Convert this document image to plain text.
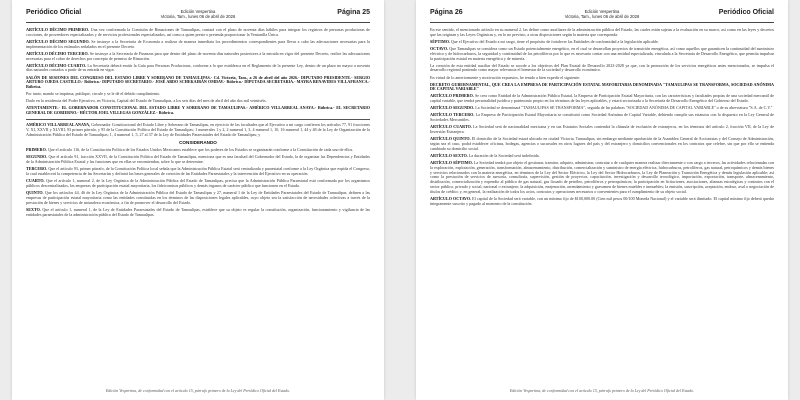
Periódico Oficial	Edición Vespertina
Victoria, Tam., lunes 06 de abril de 2026
Página 25
ARTÍCULO DÉCIMO PRIMERO. Una vez conformada la Comisión de Rimaciones de Tamaulipas, contará con el plazo de noventa días hábiles para integrar los registros de personas productoras de cocciones, de proveedores especializados y de servicios profesionales especializados, así como a quien preste o pretenda proporcionar la Ventanilla Única.
ARTÍCULO DÉCIMO SEGUNDO. Se instruye a la Secretaría de Economía a realizar de manera inmediata los procedimientos correspondientes para llevar a cabo las adecuaciones necesarias para la implementación de los estímulos señalados en el presente Decreto.
ARTÍCULO DÉCIMO TERCERO. Se instruye a la Secretaría de Finanzas para que dentro del plazo de noventa días naturales posteriores a la entrada en vigor del presente Decreto, realice las adecuaciones necesarias para el cobro de derechos por concepto de permiso de Rimación.
ARTÍCULO DÉCIMO CUARTO. La Secretaría deberá emitir la Guía para Personas Productoras, conforme a lo que establezca en el Reglamento de la presente Ley, dentro de un plazo no mayor a noventa días naturales contados a partir de su entrada en vigor.
SALÓN DE SESIONES DEL CONGRESO DEL ESTADO LIBRE Y SOBERANO DE TAMAULIPAS.- Cd. Victoria, Tam., a 26 de abril del año 2026.- DIPUTADO PRESIDENTE.- SERGIO ARTURO OJEDA CASTILLO.- Rúbrica.- DIPUTADO SECRETARIO.- JOSÉ ABDO SCHEKAIBÁN OMDAV.- Rúbrica.- DIPUTADA SECRETARIA.- MAYRA BENAVIDES VILLAFRANCA.- Rúbrica.
Por tanto, mando se imprima, publique, circule y se le dé el debido cumplimiento.
Dado en la residencia del Poder Ejecutivo, en Victoria, Capital del Estado de Tamaulipas, a los seis días del mes de abril del año dos mil veintiséis.
ATENTAMENTE.- EL GOBERNADOR CONSTITUCIONAL DEL ESTADO LIBRE Y SOBERANO DE TAMAULIPAS.- AMÉRICO VILLARREAL ANAYA.- Rúbrica.- EL SECRETARIO GENERAL DE GOBIERNO.- HÉCTOR JOEL VILLEGAS GONZÁLEZ.- Rúbrica.
AMÉRICO VILLARREAL ANAYA, Gobernador Constitucional del Estado Libre y Soberano de Tamaulipas, en ejercicio de las facultades que al Ejecutivo a mi cargo confieren los artículos 77, 91 fracciones V, XI, XXVII y XLVIII, 93 primer párrafo, y 95 de la Constitución Política del Estado de Tamaulipas; 1 numerales 1 y 2, 2 numeral 1, 3, 4 numeral 1, 10, 16 numeral 1, 44 y 48 de la Ley de Organización de la Administración Pública del Estado de Tamaulipas; 1, 4 numeral 1, 5, 27 al 37 de la Ley de Entidades Paraestatales del Estado de Tamaulipas; y
CONSIDERANDO
PRIMERO. Que el artículo 116, de la Constitución Política de los Estados Unidos Mexicanos establece que los poderes de los Estados se organizarán conforme a la Constitución de cada uno de ellos.
SEGUNDO. Que el artículo 91, fracción XXVII, de la Constitución Política del Estado de Tamaulipas, menciona que es una facultad del Gobernador del Estado, la de organizar las Dependencias y Entidades de la Administración Pública Estatal y las funciones que en ellas se encomiendan, sobre lo que se determine.
TERCERO. Que el artículo 93, primer párrafo, de la Constitución Política local señala que la Administración Pública Estatal será centralizada y paraestatal conforme a la Ley Orgánica que expida el Congreso, la cual establecerá la competencia de las Secretarías y definirá las bases generales de creación de las Entidades Paraestatales y la intervención del Ejecutivo en su operación.
CUARTO. Que el artículo 1, numeral 2, de la Ley Orgánica de la Administración Pública del Estado de Tamaulipas, precisa que la Administración Pública Paraestatal está conformada por los organismos públicos descentralizados, las empresas de participación estatal mayoritaria, los fideicomisos públicos y demás órganos de carácter público que funcionen en el Estado.
QUINTO. Que los artículos 44, 46 de la Ley Orgánica de la Administración Pública del Estado de Tamaulipas y 27, numeral 1 de la Ley de Entidades Paraestatales del Estado de Tamaulipas, definen a las empresas de participación estatal mayoritaria como las entidades constituidas en los términos de las disposiciones legales aplicables, cuyo objeto sea la satisfacción de necesidades colectivas a través de la prestación de bienes y servicios de naturaleza económica, a fin de promover el desarrollo del Estado.
SEXTO. Que el artículo 1, numeral 1, de la Ley de Entidades Paraestatales del Estado de Tamaulipas, establece que su objeto es regular la constitución, organización, funcionamiento y vigilancia de las entidades paraestatales de la administración pública del Estado de Tamaulipas.
Edición Vespertina, de conformidad con el artículo 15, párrafo primero de la Ley del Periódico Oficial del Estado.
Página 26	Edición Vespertina
Victoria, Tam., lunes 06 de abril de 2026
Periódico Oficial
En ese sentido, el mencionado artículo en su numeral 2, las define como auxiliares de la administración pública del Estado, las cuales están sujetas a la evaluación en su marco, así como en las leyes y decretos que las originan y las Leyes Orgánicas y, en lo no previsto, a otras disposiciones según la materia que corresponda.
SÉPTIMO. Que el Ejecutivo del Estado a mi cargo, tiene el propósito de fortalecer las Entidades de conformidad a la legislación aplicable.
OCTAVO. Que Tamaulipas se considera como un Estado potencialmente energético, en el cual se desarrollan proyectos de transición energética, así como aquellos que garanticen la continuidad del suministro eléctrico y de hidrocarburos, la seguridad y continuidad de los petrolíferos por lo que es necesario contar con una entidad especializada, vinculada a la Secretaría de Desarrollo Energético, que permita impulsar la participación estatal en materia energética y de minería.
La creación de esta entidad auxiliar del Estado se acorde a los objetivos del Plan Estatal de Desarrollo 2023-2028 ya que, con la promoción de los servicios energéticos antes mencionados, se impulsa el desarrollo regional poniendo como mayor relevancia el bienestar de la sociedad y desarrollo económico.
En virtud de lo anteriormente y motivación expuestos, he tenido a bien expedir el siguiente:
DECRETO GUBERNAMENTAL, QUE CREA LA EMPRESA DE PARTICIPACIÓN ESTATAL MAYORITARIA DENOMINADA "TAMAULIPAS SE TRANSFORMA, SOCIEDAD ANÓNIMA DE CAPITAL VARIABLE"
ARTÍCULO PRIMERO. Se crea como Entidad de la Administración Pública Estatal, la Empresa de Participación Estatal Mayoritaria, con las características y facultades propias de una sociedad mercantil de capital variable, que tendrá personalidad jurídica y patrimonio propio en los términos de las leyes aplicables, y estará sectorizada a la Secretaría de Desarrollo Energético del Gobierno del Estado.
ARTÍCULO SEGUNDO. La Sociedad se denominará "TAMAULIPAS SE TRANSFORMA", seguida de las palabras "SOCIEDAD ANÓNIMA DE CAPITAL VARIABLE" o de su abreviatura "S.A. de C.V."
ARTÍCULO TERCERO. La Empresa de Participación Estatal Mayoritaria se constituirá como Sociedad Anónima de Capital Variable, debiendo cumplir sus estatutos con lo dispuesto en la Ley General de Sociedades Mercantiles.
ARTÍCULO CUARTO. La Sociedad será de nacionalidad mexicana y en sus Estatutos Sociales contendrá la cláusula de exclusión de extranjeros, en los términos del artículo 2, fracción VII, de la Ley de Inversión Extranjera.
ARTÍCULO QUINTO. El domicilio de la Sociedad estará ubicado en ciudad Victoria, Tamaulipas, sin embargo mediante aprobación de la Asamblea General de Accionistas y del Consejo de Administración, según sea el caso, podrá establecer oficinas, bodegas, agencias o sucursales en otros lugares del país y del extranjero y domicilios convencionales en los contratos que celebre, sin que por ello se entienda cambiado su domicilio social.
ARTÍCULO SEXTO. La duración de la Sociedad será indefinida.
ARTÍCULO SÉPTIMO. La Sociedad tendrá por objeto el gestionar, tramitar, adquirir, administrar, contratar o de cualquier manera realizar directamente o con cargo a terceros, las actividades relacionadas con la exploración, explotación, generación, transformación, almacenamiento, distribución, comercialización y suministro de energía eléctrica, hidrocarburos, petrolíferos, gas natural, petroquímicos y demás bienes y servicios relacionados con la materia energética, en términos de la Ley del Sector Eléctrico, la Ley del Sector Hidrocarburos, la Ley de Planeación y Transición Energética y demás legislación aplicable; así como la prestación de servicios de asesoría, consultoría, supervisión, gestión de proyectos, capacitación, investigación y desarrollo tecnológico, importación, exportación, transporte, almacenamiento, distribución, comercialización y expendio al público de gas natural, gas licuado de petróleo, petrolíferos y petroquímicos; la participación en licitaciones, asociaciones, alianzas estratégicas y contratos con el sector público, privado y social, nacional o extranjero; la adquisición, enajenación, arrendamiento y gravamen de bienes muebles e inmuebles; la emisión, suscripción, aceptación, endoso, aval o negociación de títulos de crédito; y, en general, la realización de todos los actos, contratos y operaciones necesarios o convenientes para el cumplimiento de su objeto social.
ARTÍCULO OCTAVO. El capital de la Sociedad será variable, con un mínimo fijo de $100,000.00 (Cien mil pesos 00/100 Moneda Nacional) y el variable será ilimitado. El capital mínimo fijo deberá quedar íntegramente suscrito y pagado al momento de la constitución.
Edición Vespertina, de conformidad con el artículo 15, párrafo primero de la Ley del Periódico Oficial del Estado.
